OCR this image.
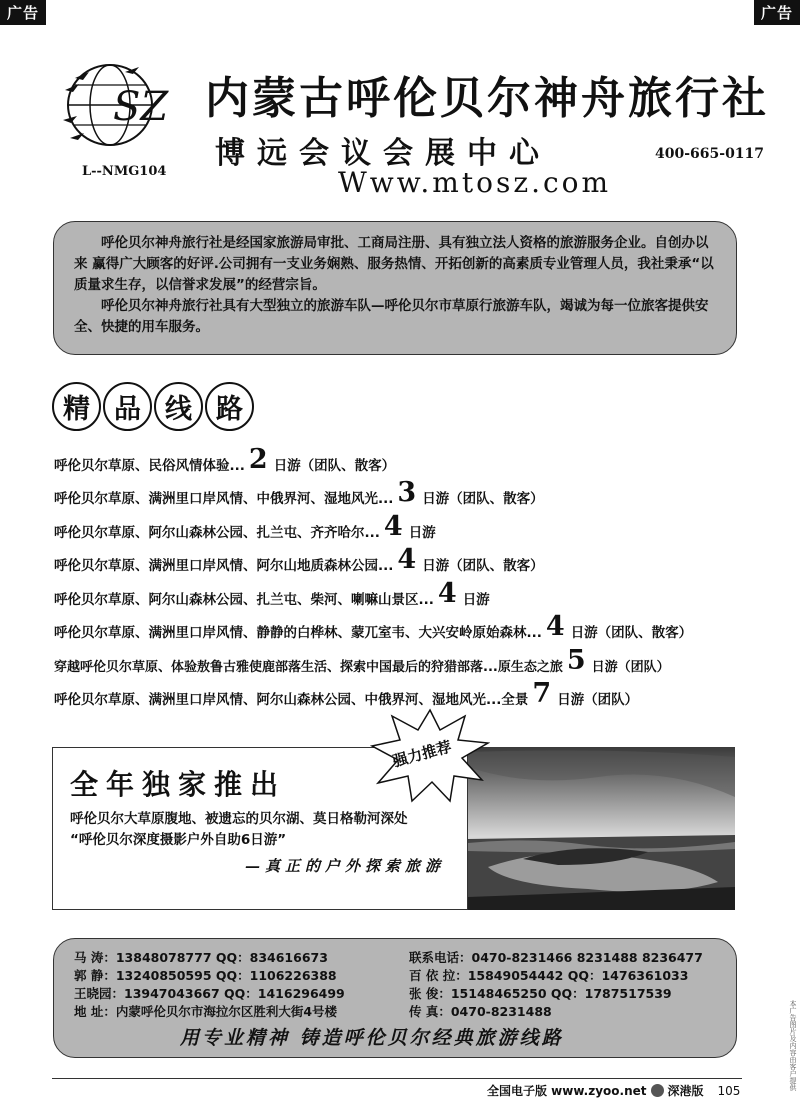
广告	广告
本广告图片及内容由客户提供
SZ 内蒙古呼伦贝尔神舟旅行社
博远会议会展中心	400-665-0117
L--NMG104	Www.mtosz.com

呼伦贝尔神舟旅行社是经国家旅游局审批、工商局注册、具有独立法人资格的旅游服务企业。自创办以来 赢得广大顾客的好评.公司拥有一支业务娴熟、服务热情、开拓创新的高素质专业管理人员，我社秉承“以质量求生存，以信誉求发展”的经营宗旨。

呼伦贝尔神舟旅行社具有大型独立的旅游车队—呼伦贝尔市草原行旅游车队，竭诚为每一位旅客提供安全、快捷的用车服务。

精 品 线 路
呼伦贝尔草原、民俗风情体验... 2 日游（团队、散客）
呼伦贝尔草原、满洲里口岸风情、中俄界河、湿地风光... 3 日游（团队、散客）
呼伦贝尔草原、阿尔山森林公园、扎兰屯、齐齐哈尔... 4 日游
呼伦贝尔草原、满洲里口岸风情、阿尔山地质森林公园... 4 日游（团队、散客）
呼伦贝尔草原、阿尔山森林公园、扎兰屯、柴河、喇嘛山景区... 4 日游
呼伦贝尔草原、满洲里口岸风情、静静的白桦林、蒙兀室韦、大兴安岭原始森林... 4 日游（团队、散客）
穿越呼伦贝尔草原、体验敖鲁古雅使鹿部落生活、探索中国最后的狩猎部落...原生态之旅 5 日游（团队）
呼伦贝尔草原、满洲里口岸风情、阿尔山森林公园、中俄界河、湿地风光...全景 7 日游（团队）
全年独家推出
呼伦贝尔大草原腹地、被遗忘的贝尔湖、莫日格勒河深处
“呼伦贝尔深度摄影户外自助6日游”
—真正的户外探索旅游
强力推荐
马 涛：13848078777 QQ：834616673	联系电话：0470-8231466 8231488 8236477
郭 静：13240850595 QQ：1106226388	百 依 拉：15849054442 QQ：1476361033
王晓园：13947043667 QQ：1416296499	张 俊：15148465250 QQ：1787517539
地 址：内蒙呼伦贝尔市海拉尔区胜利大街4号楼	传 真：0470-8231488
用专业精神 铸造呼伦贝尔经典旅游线路
全国电子版 www.zyoo.net 深港版 105
